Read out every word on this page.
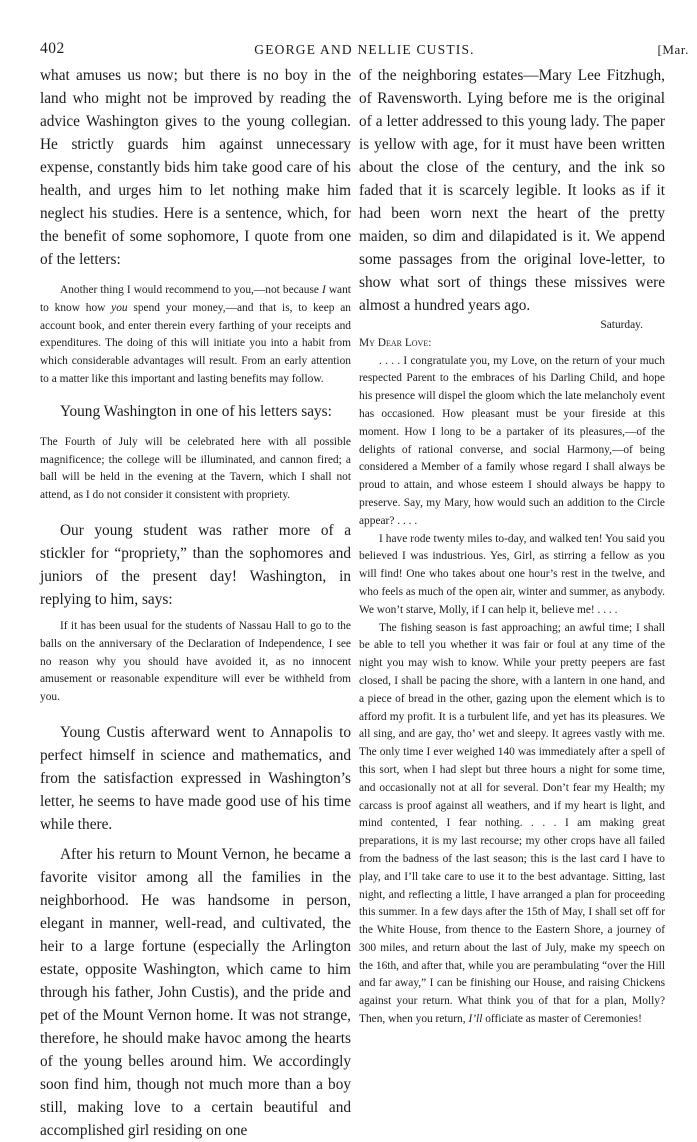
402	GEORGE AND NELLIE CUSTIS.	[Mar.

what amuses us now; but there is no boy in the land who might not be improved by reading the advice Washington gives to the young collegian. He strictly guards him against unnecessary expense, constantly bids him take good care of his health, and urges him to let nothing make him neglect his studies. Here is a sentence, which, for the benefit of some sophomore, I quote from one of the letters:

Another thing I would recommend to you,—not because I want to know how you spend your money,—and that is, to keep an account book, and enter therein every farthing of your receipts and expenditures. The doing of this will initiate you into a habit from which considerable advantages will result. From an early attention to a matter like this important and lasting benefits may follow.

Young Washington in one of his letters says:

The Fourth of July will be celebrated here with all possible magnificence; the college will be illuminated, and cannon fired; a ball will be held in the evening at the Tavern, which I shall not attend, as I do not consider it consistent with propriety.

Our young student was rather more of a stickler for “propriety,” than the sophomores and juniors of the present day! Washington, in replying to him, says:

If it has been usual for the students of Nassau Hall to go to the balls on the anniversary of the Declaration of Independence, I see no reason why you should have avoided it, as no innocent amusement or reasonable expenditure will ever be withheld from you.

Young Custis afterward went to Annapolis to perfect himself in science and mathematics, and from the satisfaction expressed in Washington’s letter, he seems to have made good use of his time while there.

After his return to Mount Vernon, he became a favorite visitor among all the families in the neighborhood. He was handsome in person, elegant in manner, well-read, and cultivated, the heir to a large fortune (especially the Arlington estate, opposite Washington, which came to him through his father, John Custis), and the pride and pet of the Mount Vernon home. It was not strange, therefore, he should make havoc among the hearts of the young belles around him. We accordingly soon find him, though not much more than a boy still, making love to a certain beautiful and accomplished girl residing on one

of the neighboring estates—Mary Lee Fitzhugh, of Ravensworth. Lying before me is the original of a letter addressed to this young lady. The paper is yellow with age, for it must have been written about the close of the century, and the ink so faded that it is scarcely legible. It looks as if it had been worn next the heart of the pretty maiden, so dim and dilapidated is it. We append some passages from the original love-letter, to show what sort of things these missives were almost a hundred years ago.

Saturday.

My Dear Love:

. . . . I congratulate you, my Love, on the return of your much respected Parent to the embraces of his Darling Child, and hope his presence will dispel the gloom which the late melancholy event has occasioned. How pleasant must be your fireside at this moment. How I long to be a partaker of its pleasures,—of the delights of rational converse, and social Harmony,—of being considered a Member of a family whose regard I shall always be proud to attain, and whose esteem I should always be happy to preserve. Say, my Mary, how would such an addition to the Circle appear? . . . .

I have rode twenty miles to-day, and walked ten! You said you believed I was industrious. Yes, Girl, as stirring a fellow as you will find! One who takes about one hour’s rest in the twelve, and who feels as much of the open air, winter and summer, as anybody. We won’t starve, Molly, if I can help it, believe me! . . . .

The fishing season is fast approaching; an awful time; I shall be able to tell you whether it was fair or foul at any time of the night you may wish to know. While your pretty peepers are fast closed, I shall be pacing the shore, with a lantern in one hand, and a piece of bread in the other, gazing upon the element which is to afford my profit. It is a turbulent life, and yet has its pleasures. We all sing, and are gay, tho’ wet and sleepy. It agrees vastly with me. The only time I ever weighed 140 was immediately after a spell of this sort, when I had slept but three hours a night for some time, and occasionally not at all for several. Don’t fear my Health; my carcass is proof against all weathers, and if my heart is light, and mind contented, I fear nothing. . . . I am making great preparations, it is my last recourse; my other crops have all failed from the badness of the last season; this is the last card I have to play, and I’ll take care to use it to the best advantage. Sitting, last night, and reflecting a little, I have arranged a plan for proceeding this summer. In a few days after the 15th of May, I shall set off for the White House, from thence to the Eastern Shore, a journey of 300 miles, and return about the last of July, make my speech on the 16th, and after that, while you are perambulating “over the Hill and far away,” I can be finishing our House, and raising Chickens against your return. What think you of that for a plan, Molly? Then, when you return, I’ll officiate as master of Ceremonies!
